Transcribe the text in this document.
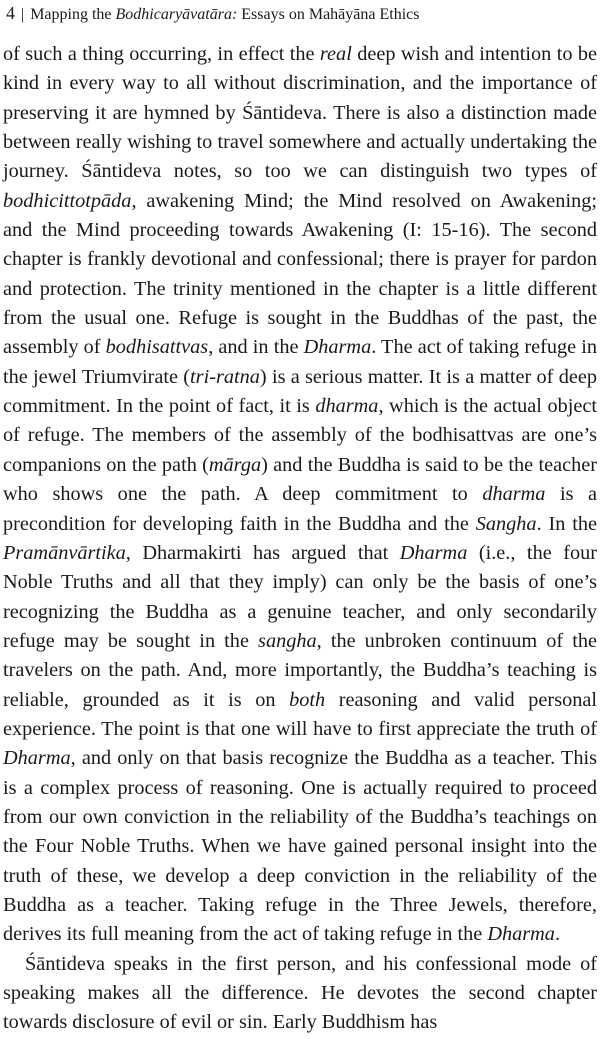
4 | Mapping the Bodhicaryāvatāra: Essays on Mahāyāna Ethics

of such a thing occurring, in effect the real deep wish and intention to be kind in every way to all without discrimination, and the importance of preserving it are hymned by Śāntideva. There is also a distinction made between really wishing to travel somewhere and actually undertaking the journey. Śāntideva notes, so too we can distinguish two types of bodhicittotpāda, awakening Mind; the Mind resolved on Awakening; and the Mind proceeding towards Awakening (I: 15-16). The second chapter is frankly devotional and confessional; there is prayer for pardon and protection. The trinity mentioned in the chapter is a little different from the usual one. Refuge is sought in the Buddhas of the past, the assembly of bodhisattvas, and in the Dharma. The act of taking refuge in the jewel Triumvirate (tri-ratna) is a serious matter. It is a matter of deep commitment. In the point of fact, it is dharma, which is the actual object of refuge. The members of the assembly of the bodhisattvas are one’s companions on the path (mārga) and the Buddha is said to be the teacher who shows one the path. A deep commitment to dharma is a precondition for developing faith in the Buddha and the Sangha. In the Pramānvārtika, Dharmakirti has argued that Dharma (i.e., the four Noble Truths and all that they imply) can only be the basis of one’s recognizing the Buddha as a genuine teacher, and only secondarily refuge may be sought in the sangha, the unbroken continuum of the travelers on the path. And, more importantly, the Buddha’s teaching is reliable, grounded as it is on both reasoning and valid personal experience. The point is that one will have to first appreciate the truth of Dharma, and only on that basis recognize the Buddha as a teacher. This is a complex process of reasoning. One is actually required to proceed from our own conviction in the reliability of the Buddha’s teachings on the Four Noble Truths. When we have gained personal insight into the truth of these, we develop a deep conviction in the reliability of the Buddha as a teacher. Taking refuge in the Three Jewels, therefore, derives its full meaning from the act of taking refuge in the Dharma.

Śāntideva speaks in the first person, and his confessional mode of speaking makes all the difference. He devotes the second chapter towards disclosure of evil or sin. Early Buddhism has
